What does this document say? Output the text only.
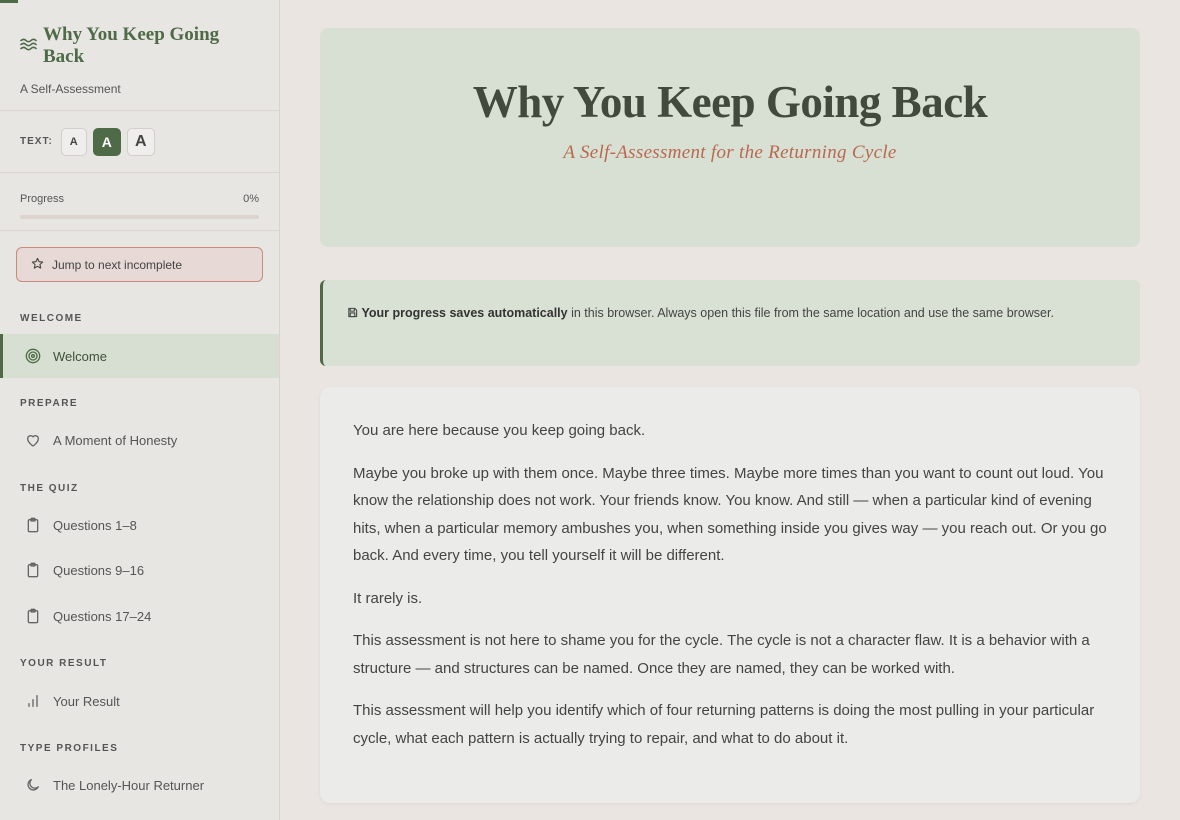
Why You Keep Going Back
A Self-Assessment
TEXT:	A	A	A
Progress	0%
Jump to next incomplete
WELCOME
Welcome
PREPARE
A Moment of Honesty
THE QUIZ
Questions 1–8
Questions 9–16
Questions 17–24
YOUR RESULT
Your Result
TYPE PROFILES
The Lonely-Hour Returner
Why You Keep Going Back
A Self-Assessment for the Returning Cycle
Your progress saves automatically in this browser. Always open this file from the same location and use the same browser.

You are here because you keep going back.

Maybe you broke up with them once. Maybe three times. Maybe more times than you want to count out loud. You know the relationship does not work. Your friends know. You know. And still — when a particular kind of evening hits, when a particular memory ambushes you, when something inside you gives way — you reach out. Or you go back. And every time, you tell yourself it will be different.

It rarely is.

This assessment is not here to shame you for the cycle. The cycle is not a character flaw. It is a behavior with a structure — and structures can be named. Once they are named, they can be worked with.

This assessment will help you identify which of four returning patterns is doing the most pulling in your particular cycle, what each pattern is actually trying to repair, and what to do about it.
